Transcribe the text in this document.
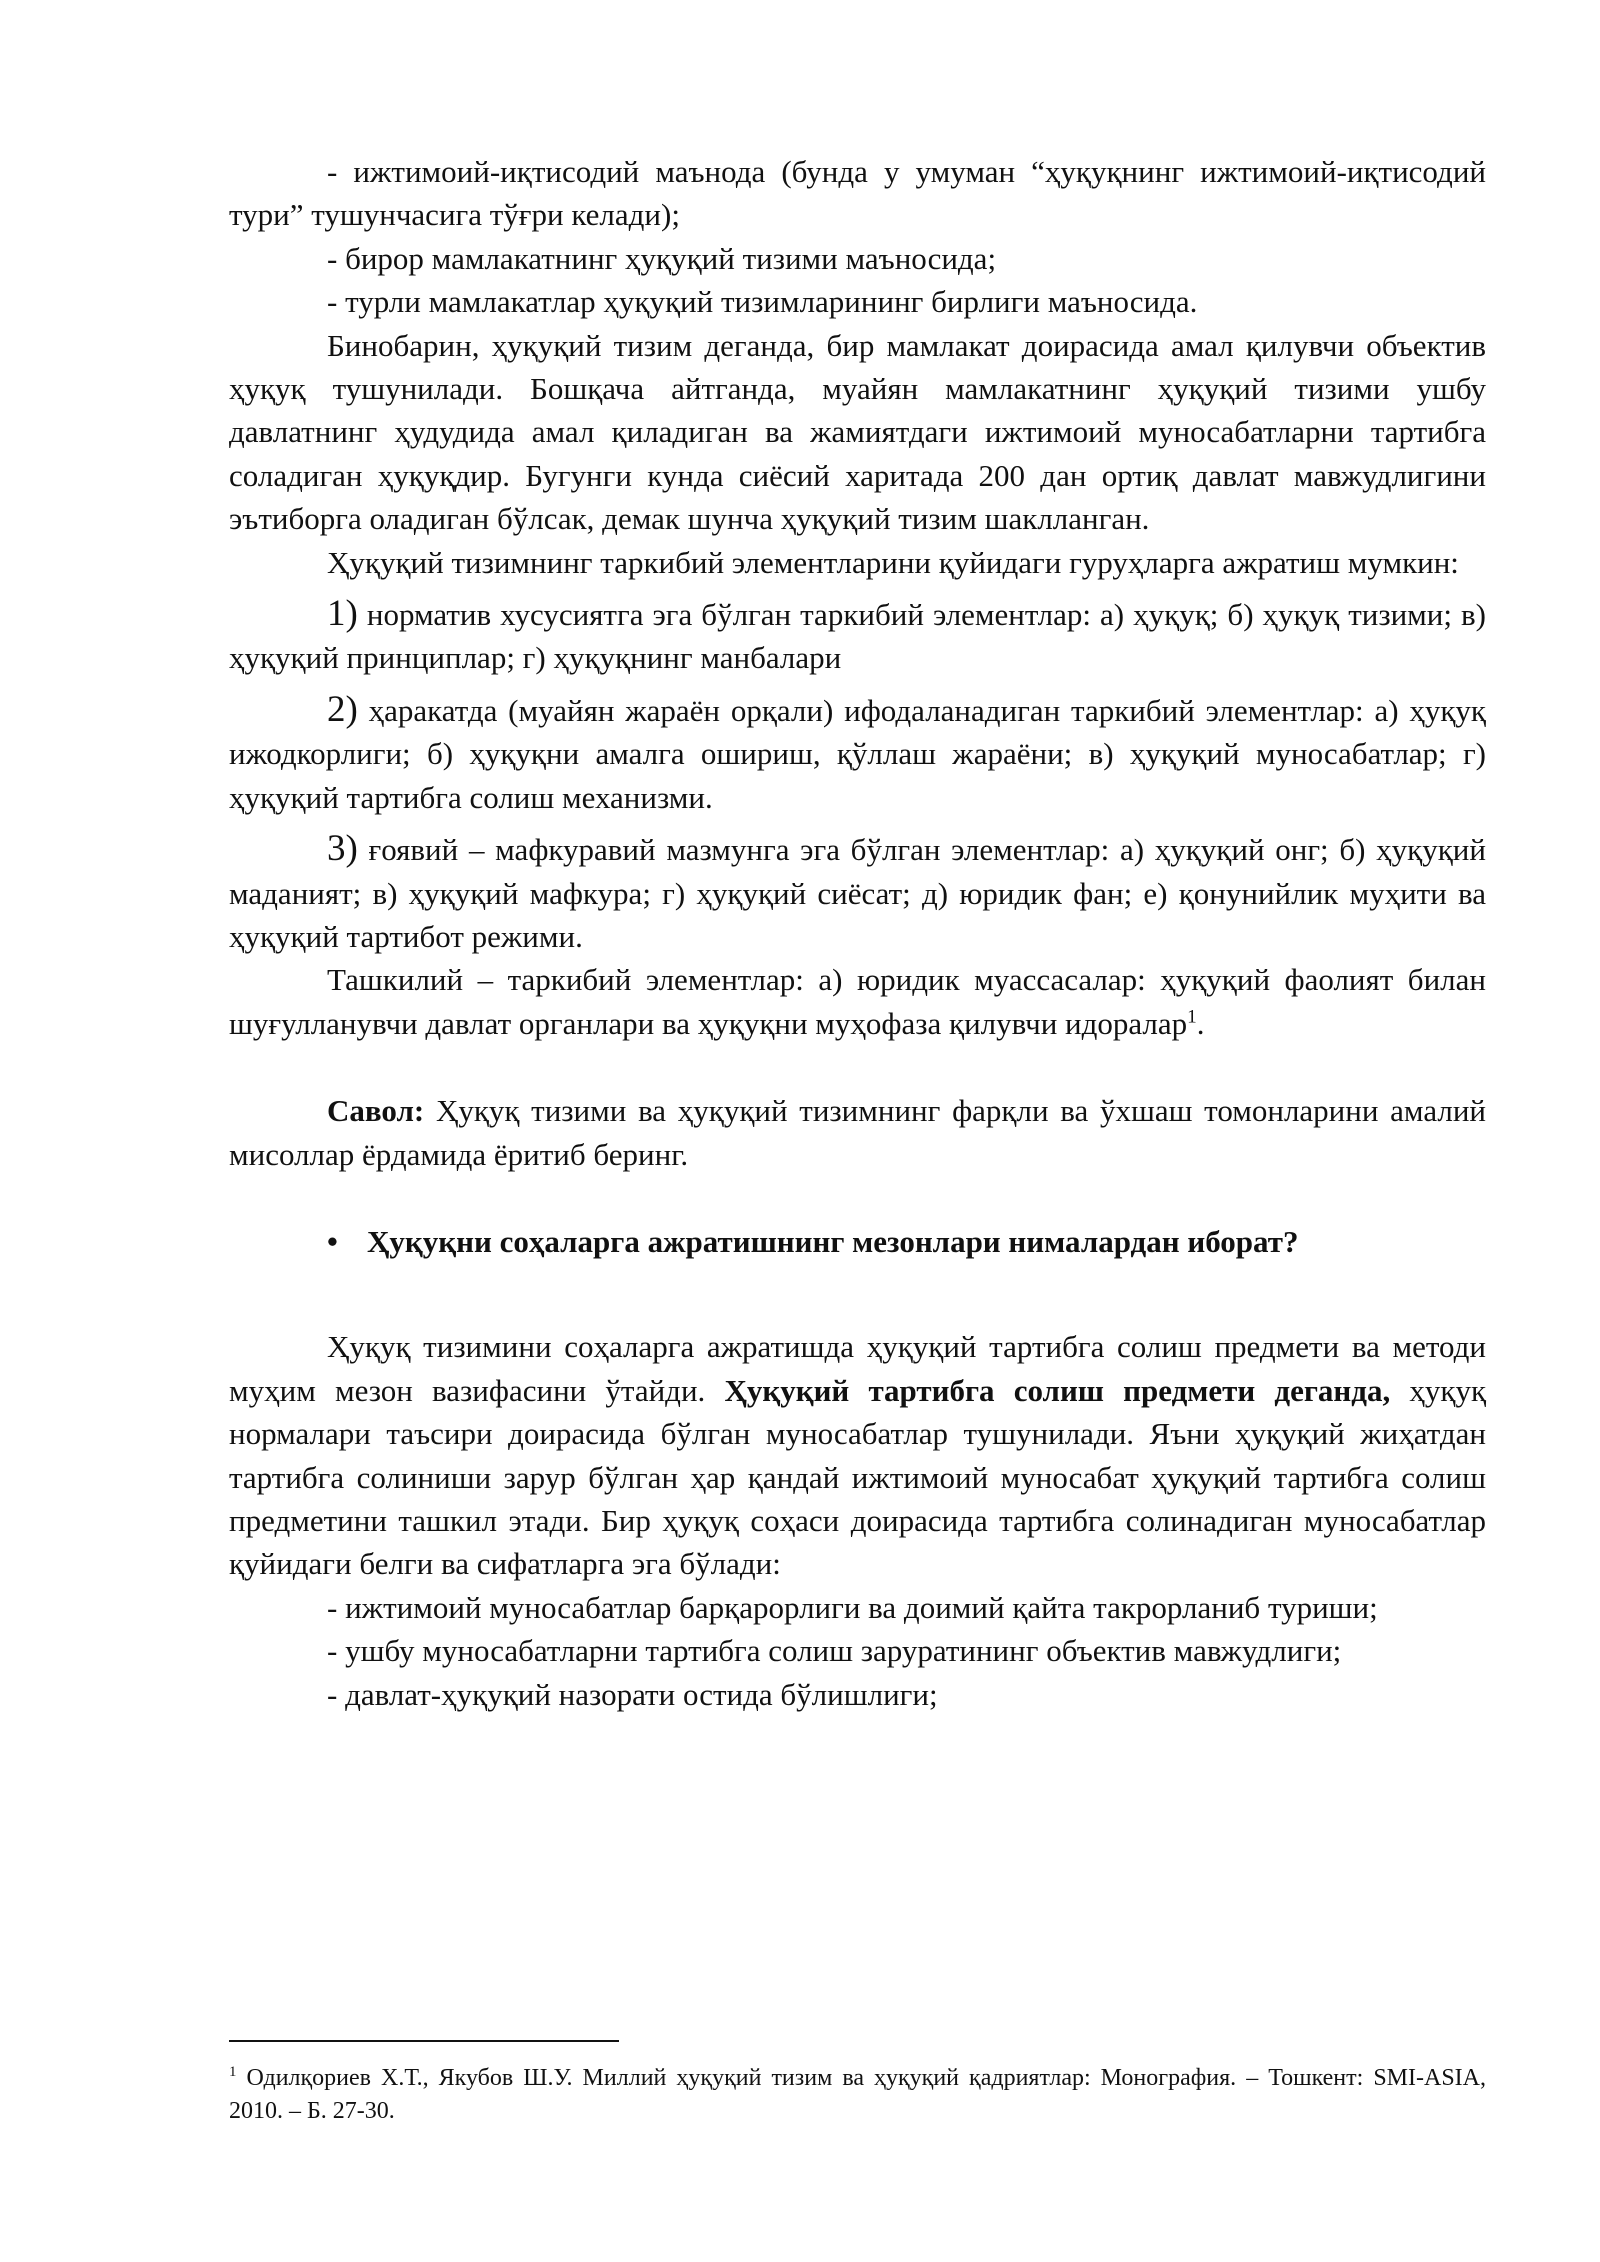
- ижтимоий-иқтисодий маънода (бунда у умуман “ҳуқуқнинг ижтимоий-иқтисодий тури” тушунчасига тўғри келади);

- бирор мамлакатнинг ҳуқуқий тизими маъносида;

- турли мамлакатлар ҳуқуқий тизимларининг бирлиги маъносида.

Бинобарин, ҳуқуқий тизим деганда, бир мамлакат доирасида амал қилувчи объектив ҳуқуқ тушунилади. Бошқача айтганда, муайян мамлакатнинг ҳуқуқий тизими ушбу давлатнинг ҳудудида амал қиладиган ва жамиятдаги ижтимоий муносабатларни тартибга соладиган ҳуқуқдир. Бугунги кунда сиёсий харитада 200 дан ортиқ давлат мавжудлигини эътиборга оладиган бўлсак, демак шунча ҳуқуқий тизим шаклланган.

Ҳуқуқий тизимнинг таркибий элементларини қуйидаги гуруҳларга ажратиш мумкин:

1) норматив хусусиятга эга бўлган таркибий элементлар: а) ҳуқуқ; б) ҳуқуқ тизими; в) ҳуқуқий принциплар; г) ҳуқуқнинг манбалари

2) ҳаракатда (муайян жараён орқали) ифодаланадиган таркибий элементлар: а) ҳуқуқ ижодкорлиги; б) ҳуқуқни амалга ошириш, қўллаш жараёни; в) ҳуқуқий муносабатлар; г) ҳуқуқий тартибга солиш механизми.

3) ғоявий – мафкуравий мазмунга эга бўлган элементлар: а) ҳуқуқий онг; б) ҳуқуқий маданият; в) ҳуқуқий мафкура; г) ҳуқуқий сиёсат; д) юридик фан; е) қонунийлик муҳити ва ҳуқуқий тартибот режими.

Ташкилий – таркибий элементлар: а) юридик муассасалар: ҳуқуқий фаолият билан шуғулланувчи давлат органлари ва ҳуқуқни муҳофаза қилувчи идоралар$^1$.

Савол: Ҳуқуқ тизими ва ҳуқуқий тизимнинг фарқли ва ўхшаш томонларини амалий мисоллар ёрдамида ёритиб беринг.

• Ҳуқуқни соҳаларга ажратишнинг мезонлари нималардан иборат?

Ҳуқуқ тизимини соҳаларга ажратишда ҳуқуқий тартибга солиш предмети ва методи муҳим мезон вазифасини ўтайди. Ҳуқуқий тартибга солиш предмети деганда, ҳуқуқ нормалари таъсири доирасида бўлган муносабатлар тушунилади. Яъни ҳуқуқий жиҳатдан тартибга солиниши зарур бўлган ҳар қандай ижтимоий муносабат ҳуқуқий тартибга солиш предметини ташкил этади. Бир ҳуқуқ соҳаси доирасида тартибга солинадиган муносабатлар қуйидаги белги ва сифатларга эга бўлади:

- ижтимоий муносабатлар барқарорлиги ва доимий қайта такрорланиб туриши;

- ушбу муносабатларни тартибга солиш заруратининг объектив мавжудлиги;

- давлат-ҳуқуқий назорати остида бўлишлиги;

$^1$ Одилқориев Х.Т., Якубов Ш.У. Миллий ҳуқуқий тизим ва ҳуқуқий қадриятлар: Монография. – Тошкент: SMI-ASIA, 2010. – Б. 27-30.
